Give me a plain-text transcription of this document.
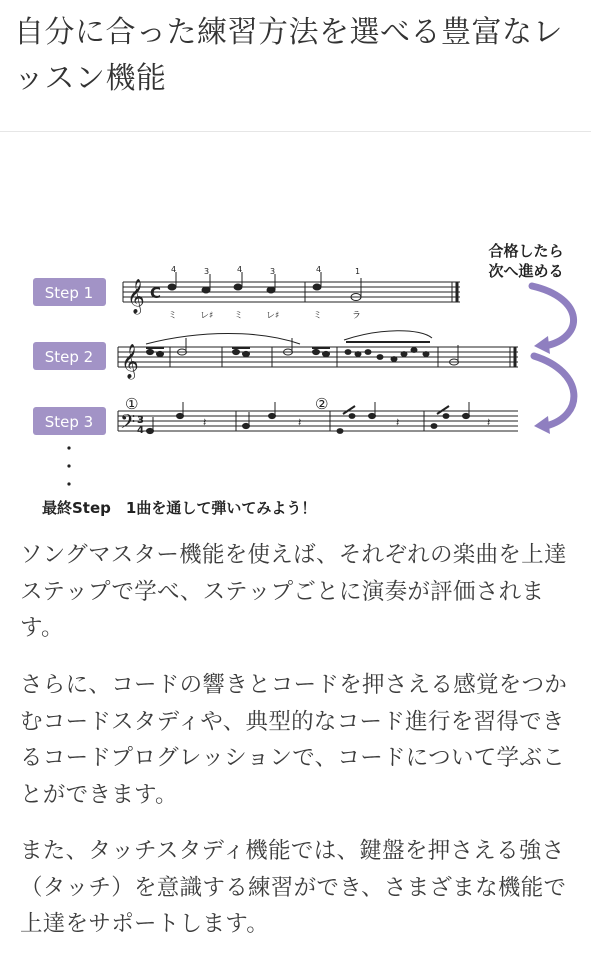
自分に合った練習方法を選べる豊富なレッスン機能
Step 1
Step 2
Step 3
合格したら
次へ進める
𝄞 C
4	3	4	3	4	1
ミ	レ♯ ミ	レ♯	ミ	ラ
𝄞
𝄢 3
4
①	②
𝄽	𝄽	𝄽	𝄽
最終Step　1曲を通して弾いてみよう！

ソングマスター機能を使えば、それぞれの楽曲を上達ステップで学べ、ステップごとに演奏が評価されます。

さらに、コードの響きとコードを押さえる感覚をつかむコードスタディや、典型的なコード進行を習得できるコードプログレッションで、コードについて学ぶことができます。

また、タッチスタディ機能では、鍵盤を押さえる強さ（タッチ）を意識する練習ができ、さまざまな機能で上達をサポートします。
